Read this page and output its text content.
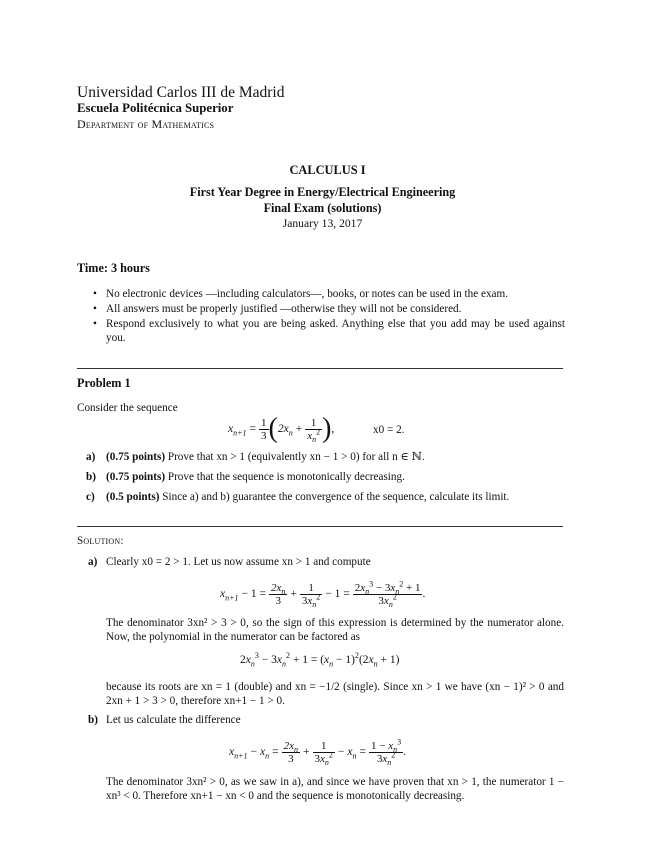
Universidad Carlos III de Madrid
Escuela Politécnica Superior
Department of Mathematics
CALCULUS I
First Year Degree in Energy/Electrical Engineering
Final Exam (solutions)
January 13, 2017
Time: 3 hours
• No electronic devices —including calculators—, books, or notes can be used in the exam.
• All answers must be properly justified —otherwise they will not be considered.
• Respond exclusively to what you are being asked. Anything else that you add may be used against you.
Problem 1
Consider the sequence
$x_{n+1} = \frac{1}{3}$ ( $2x_n + \frac{1}{x_n^2}$ ) ,	x0 = 2.
a) (0.75 points) Prove that xn > 1 (equivalently xn − 1 > 0) for all n ∈ ℕ.
b) (0.75 points) Prove that the sequence is monotonically decreasing.
c)	(0.5 points) Since a) and b) guarantee the convergence of the sequence, calculate its limit.
Solution:
a) Clearly x0 = 2 > 1. Let us now assume xn > 1 and compute
$x_{n+1} - 1 = \frac{2x_n}{3} + \frac{1}{3x_n^2} - 1 = \frac{2x_n^3 - 3x_n^2 + 1}{3x_n^2}$ .
The denominator 3xn² > 3 > 0, so the sign of this expression is determined by the numerator alone. Now, the polynomial in the numerator can be factored as
$2x_n^3 - 3x_n^2 + 1 = (x_n - 1)^2(2x_n + 1)$
because its roots are xn = 1 (double) and xn = −1/2 (single). Since xn > 1 we have (xn − 1)² > 0 and 2xn + 1 > 3 > 0, therefore xn+1 − 1 > 0.
b) Let us calculate the difference
$x_{n+1} - x_n = \frac{2x_n}{3} + \frac{1}{3x_n^2} - x_n = \frac{1 - x_n^3}{3x_n^2}$ .
The denominator 3xn² > 0, as we saw in a), and since we have proven that xn > 1, the numerator 1 − xn³ < 0. Therefore xn+1 − xn < 0 and the sequence is monotonically decreasing.
